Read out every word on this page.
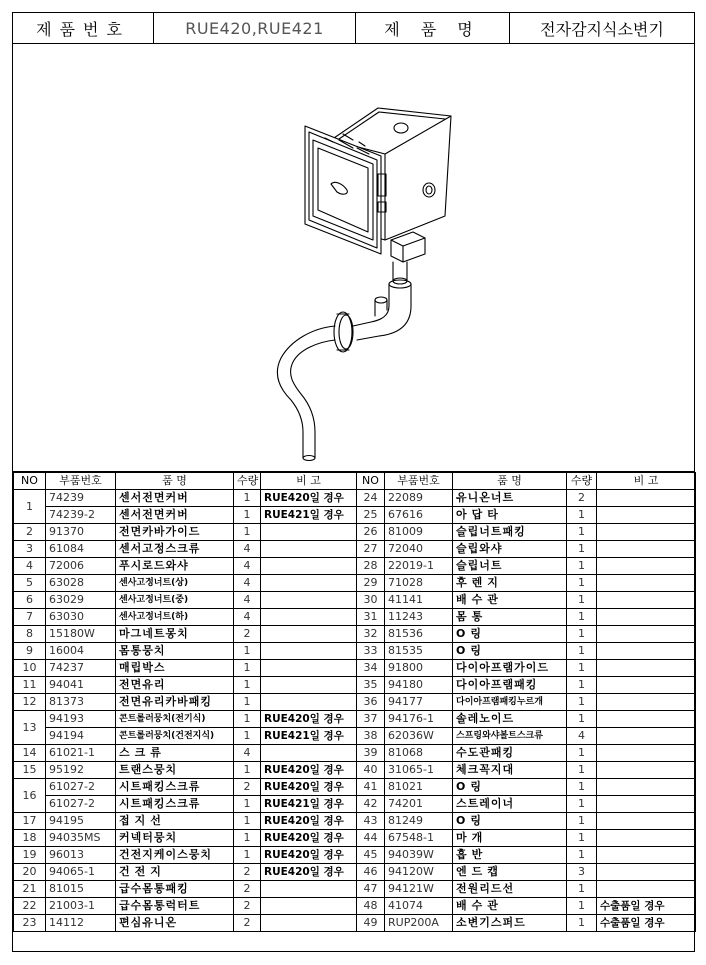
제품번호	RUE420,RUE421	제 품 명	전자감지식소변기
NO	부품번호	품 명	수량	비 고
1	74239	센서전면커버	1	RUE420일 경우
	74239-2	센서전면커버	1	RUE421일 경우
2	91370	전면카바가이드	1	
3	61084	센서고정스크류	4	
4	72006	푸시로드와샤	4	
5	63028	센사고정너트(상)	4	
6	63029	센사고정너트(중)	4	
7	63030	센사고정너트(하)	4	
8	15180W	마그네트몽치	2	
9	16004	몸통뭉치	1	
10	74237	매립박스	1	
11	94041	전면유리	1	
12	81373	전면유리카바패킹	1	
13	94193	콘트롤러뭉치(전기식)	1	RUE420일 경우
	94194	콘트롤러뭉치(건전지식)	1	RUE421일 경우
14	61021-1	스크류	4	
15	95192	트랜스뭉치	1	RUE420일 경우
16	61027-2	시트패킹스크류	2	RUE420일 경우
	61027-2	시트패킹스크류	1	RUE421일 경우
17	94195	접지선	1	RUE420일 경우
18	94035MS	커넥터뭉치	1	RUE420일 경우
19	96013	건전지케이스뭉치	1	RUE420일 경우
20	94065-1	건전지	2	RUE420일 경우
21	81015	급수몸통패킹	2	
22	21003-1	급수몸통럭터트	2	
23	14112	편심유니온	2	
NO	부품번호	품 명	수량	비 고
24	22089	유니온너트	2	
25	67616	아답타	1	
26	81009	슬립너트패킹	1	
27	72040	슬립와샤	1	
28	22019-1	슬립너트	1	
29	71028	후렌지	1	
30	41141	배수관	1	
31	11243	몸통	1	
32	81536	O링	1	
33	81535	O링	1	
34	91800	다이아프램가이드	1	
35	94180	다이아프램패킹	1	
36	94177	다이아프램패킹누르개	1	
37	94176-1	솔레노이드	1	
38	62036W	스프링와샤볼트스크류	4	
39	81068	수도관패킹	1	
40	31065-1	체크꼭지대	1	
41	81021	O링	1	
42	74201	스트레이너	1	
43	81249	O링	1	
44	67548-1	마개	1	
45	94039W	흡반	1	
46	94120W	엔드캡	3	
47	94121W	전원리드선	1	
48	41074	배수관	1	수출품일 경우
49	RUP200A	소변기스퍼드	1	수출품일 경우
